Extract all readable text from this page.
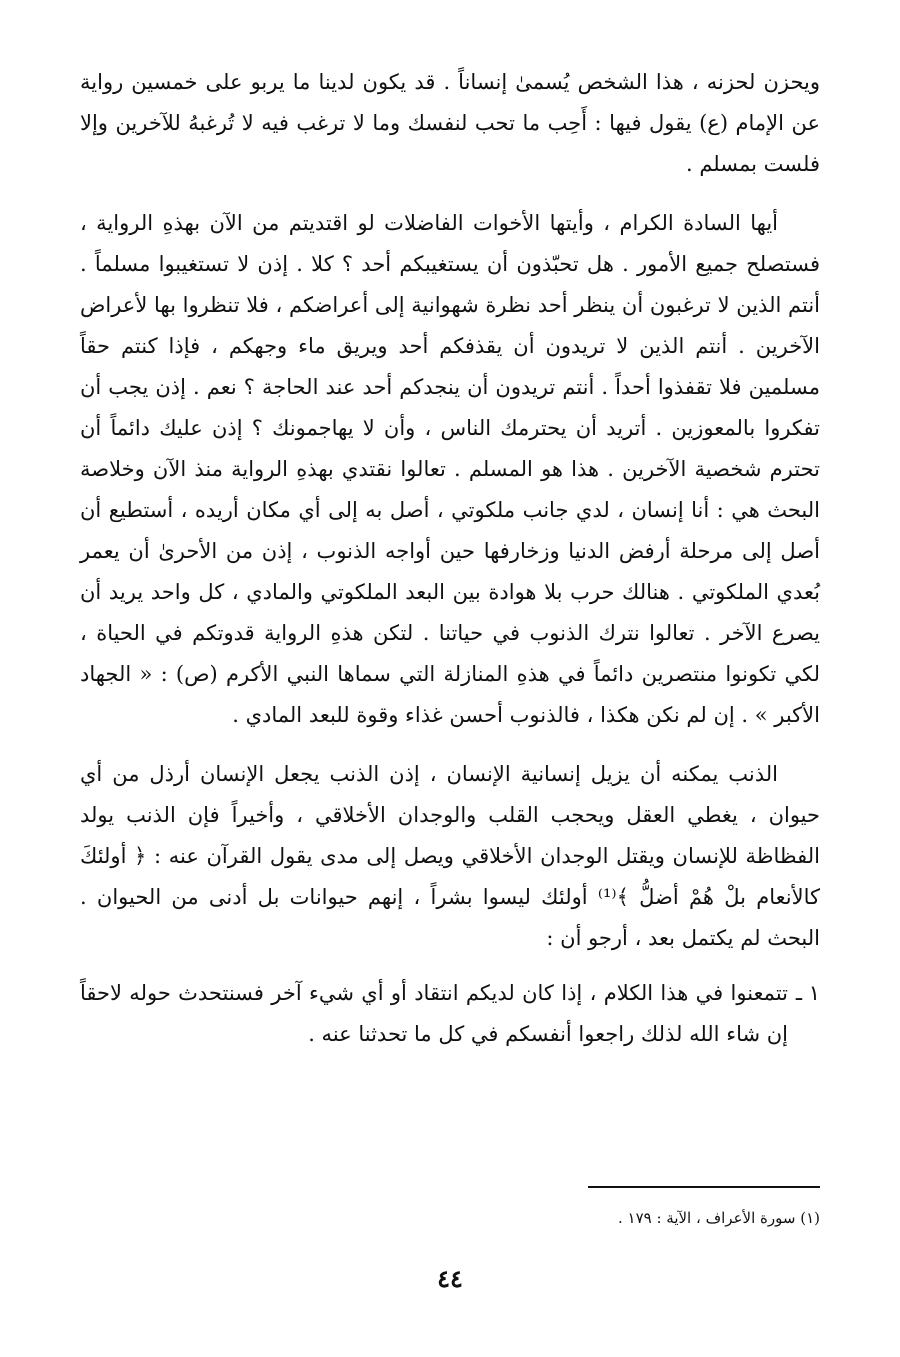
ويحزن لحزنه ، هذا الشخص يُسمىٰ إنساناً . قد يكون لدينا ما يربو على خمسين رواية عن الإمام (ع) يقول فيها : أَحِب ما تحب لنفسك وما لا ترغب فيه لا تُرغبهُ للآخرين وإلا فلست بمسلم .

أيها السادة الكرام ، وأيتها الأخوات الفاضلات لو اقتديتم من الآن بهذهِ الرواية ، فستصلح جميع الأمور . هل تحبّذون أن يستغيبكم أحد ؟ كلا . إذن لا تستغيبوا مسلماً . أنتم الذين لا ترغبون أن ينظر أحد نظرة شهوانية إلى أعراضكم ، فلا تنظروا بها لأعراض الآخرين . أنتم الذين لا تريدون أن يقذفكم أحد ويريق ماء وجهكم ، فإذا كنتم حقاً مسلمين فلا تقفذوا أحداً . أنتم تريدون أن ينجدكم أحد عند الحاجة ؟ نعم . إذن يجب أن تفكروا بالمعوزين . أتريد أن يحترمك الناس ، وأن لا يهاجمونك ؟ إذن عليك دائماً أن تحترم شخصية الآخرين . هذا هو المسلم . تعالوا نقتدي بهذهِ الرواية منذ الآن وخلاصة البحث هي : أنا إنسان ، لدي جانب ملكوتي ، أصل به إلى أي مكان أريده ، أستطيع أن أصل إلى مرحلة أرفض الدنيا وزخارفها حين أواجه الذنوب ، إذن من الأحرىٰ أن يعمر بُعدي الملكوتي . هنالك حرب بلا هوادة بين البعد الملكوتي والمادي ، كل واحد يريد أن يصرع الآخر . تعالوا نترك الذنوب في حياتنا . لتكن هذهِ الرواية قدوتكم في الحياة ، لكي تكونوا منتصرين دائماً في هذهِ المنازلة التي سماها النبي الأكرم (ص) : « الجهاد الأكبر » . إن لم نكن هكذا ، فالذنوب أحسن غذاء وقوة للبعد المادي .

الذنب يمكنه أن يزيل إنسانية الإنسان ، إذن الذنب يجعل الإنسان أرذل من أي حيوان ، يغطي العقل ويحجب القلب والوجدان الأخلاقي ، وأخيراً فإن الذنب يولد الفظاظة للإنسان ويقتل الوجدان الأخلاقي ويصل إلى مدى يقول القرآن عنه : ﴿ أولئكَ كالأنعام بلْ هُمْ أضلُّ ﴾⁽¹⁾ أولئك ليسوا بشراً ، إنهم حيوانات بل أدنى من الحيوان . البحث لم يكتمل بعد ، أرجو أن :

١ ـ
تتمعنوا في هذا الكلام ، إذا كان لديكم انتقاد أو أي شيء آخر فسنتحدث حوله لاحقاً إن شاء الله لذلك راجعوا أنفسكم في كل ما تحدثنا عنه .
(١) سورة الأعراف ، الآية : ١٧٩ .
٤٤
